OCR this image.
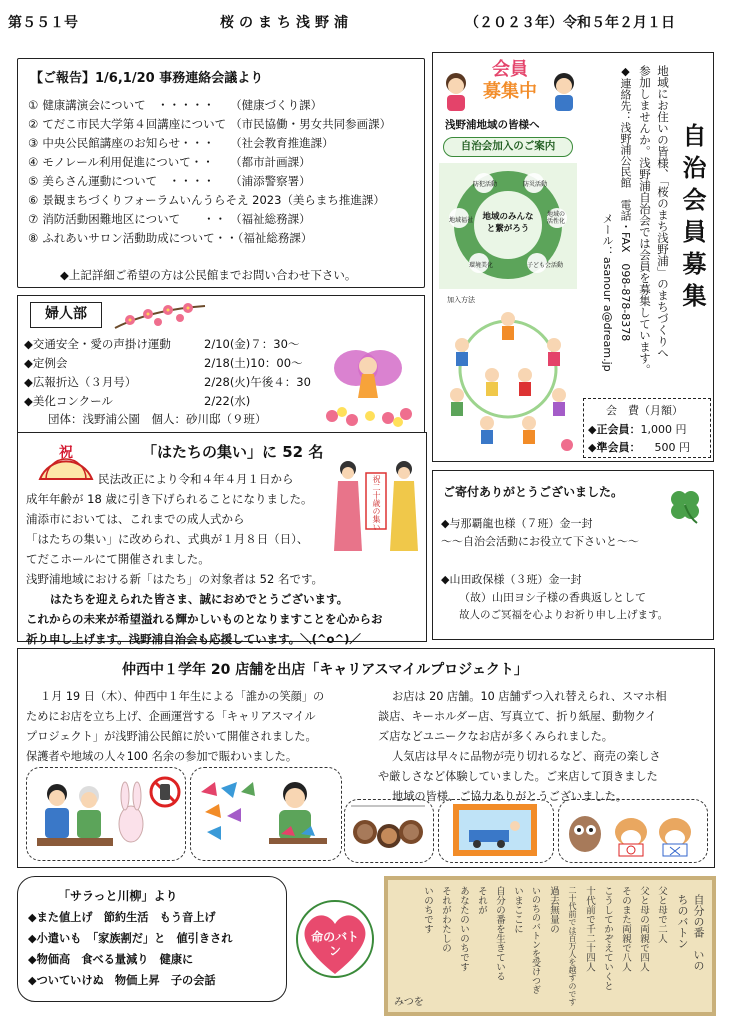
第５５１号	桜のまち浅野浦	（２０２３年）令和５年２月１日
【ご報告】1/6,1/20 事務連絡会議より
①	健康講演会について　・・・・・	（健康づくり課）
②	てだこ市民大学第４回講座について	（市民協働・男女共同参画課）
③	中央公民館講座のお知らせ・・・	（社会教育推進課）
④	モノレール利用促進について・・	（都市計画課）
⑤	美らさん運動について　・・・・	（浦添警察署）
⑥	景観まちづくりフォーラムいんうらそえ 2023（美らまち推進課）	
⑦	消防活動困難地区について　　・・	（福祉総務課）
⑧	ふれあいサロン活動助成について・・（福祉総務課）	
◆上記詳細ご希望の方は公民館までお問い合わせ下さい。
婦人部
◆交通安全・愛の声掛け運動	2/10(金)７：30～
◆定例会	2/18(土)10：00～
◆広報折込（３月号）	2/28(火)午後４：30
◆美化コンクール	2/22(水)
団体：浅野浦公園　個人：砂川邸（９班）
祝	「はたちの集い」に 52 名
民法改正により令和４年４月１日から
成年年齢が 18 歳に引き下げられることになりました。
浦添市においては、これまでの成人式から
「はたちの集い」に改められ、式典が１月８日（日）、
てだこホールにて開催されました。
浅野浦地域における新「はたち」の対象者は 52 名です。
はたちを迎えられた皆さま、誠におめでとうございます。
これからの未来が希望溢れる輝かしいものとなりますことを心からお
祈り申し上げます。浅野浦自治会も応援しています。＼(^o^)／
祝二十歳の集い
会員
募集中
浅野浦地域の皆様へ
自治会加入のご案内
防犯活動	防災活動
地域福祉
地域の活性化
環境美化	子ども会活動
地域のみんなと繋がろう
加入方法	自治会員募集
地域にお住いの皆様、「桜のまち浅野浦」のまちづくりへ
参加しませんか。浅野浦自治会では会員を募集しています。
◆連絡先：浅野浦公民館　電話・FAX　098-878-8378
メール：asanour a@dream.jp
会　費（月額）
◆正会員：1,000 円
◆準会員： 500 円
ご寄付ありがとうございました。
◆与那覇龍也様（７班）金一封
～～自治会活動にお役立て下さいと～～
◆山田政保様（３班）金一封
（故）山田ヨシ子様の香典返しとして
故人のご冥福を心よりお祈り申し上げます。
仲西中１学年 20 店舗を出店「キャリアスマイルプロジェクト」
１月 19 日（木）、仲西中１年生による「誰かの笑顔」の
ためにお店を立ち上げ、企画運営する「キャリアスマイル
プロジェクト」が浅野浦公民館に於いて開催されました。
保護者や地域の人々100 名余の参加で賑わいました。
お店は 20 店舗。10 店舗ずつ入れ替えられ、スマホ相
談店、キーホルダー店、写真立て、折り紙屋、動物クイ
ズ店などユニークなお店が多くみられました。
人気店は早々に品物が売り切れるなど、商売の楽しさ
や厳しさなど体験していました。ご来店して頂きました
地域の皆様、ご協力ありがとうございました。
「サラっと川柳」より
◆また値上げ　節約生活　もう音上げ
◆小遣いも　「家族割だ」と　値引きされ
◆物価高　食べる量減り　健康に
◆ついていけぬ　物価上昇　子の会話
命のバトン	自分の番　いのちのバトン
父と母で二人
父と母の両親で四人
そのまた両親で八人
こうしてかぞえていくと
十代前で千二十四人
二十代前では百万人を越すのです
過去無量の
いのちのバトンを受けつぎ
いまここに
自分の番を生きている
それが
あなたのいのちです
それがわたしの
いのちです
みつを
